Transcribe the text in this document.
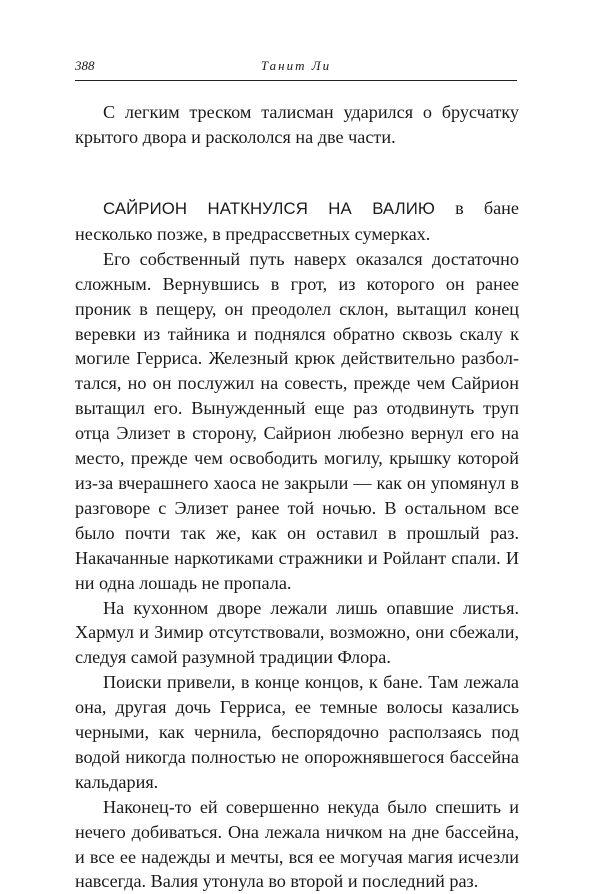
388	Танит Ли

С легким треском талисман ударился о брусчатку крытого двора и раскололся на две части.

САЙРИОН НАТКНУЛСЯ НА ВАЛИЮ в бане несколько позже, в предрассветных сумерках.

Его собственный путь наверх оказался достаточно сложным. Вернувшись в грот, из которого он ранее проник в пещеру, он преодолел склон, вытащил конец веревки из тайника и поднялся обратно сквозь скалу к могиле Герриса. Железный крюк действительно разболтался, но он послужил на совесть, прежде чем Сайрион вытащил его. Вынужденный еще раз отодвинуть труп отца Элизет в сторону, Сайрион любезно вернул его на место, прежде чем освободить могилу, крышку которой из-за вчерашнего хаоса не закрыли — как он упомянул в разговоре с Элизет ранее той ночью. В остальном все было почти так же, как он оставил в прошлый раз. Накачанные наркотиками стражники и Ройлант спали. И ни одна лошадь не пропала.

На кухонном дворе лежали лишь опавшие листья. Хармул и Зимир отсутствовали, возможно, они сбежали, следуя самой разумной традиции Флора.

Поиски привели, в конце концов, к бане. Там лежала она, другая дочь Герриса, ее темные волосы казались черными, как чернила, беспорядочно расползаясь под водой никогда полностью не опорожнявшегося бассейна кальдария.

Наконец-то ей совершенно некуда было спешить и нечего добиваться. Она лежала ничком на дне бассейна, и все ее надежды и мечты, вся ее могучая магия исчезли навсегда. Валия утонула во второй и последний раз.
